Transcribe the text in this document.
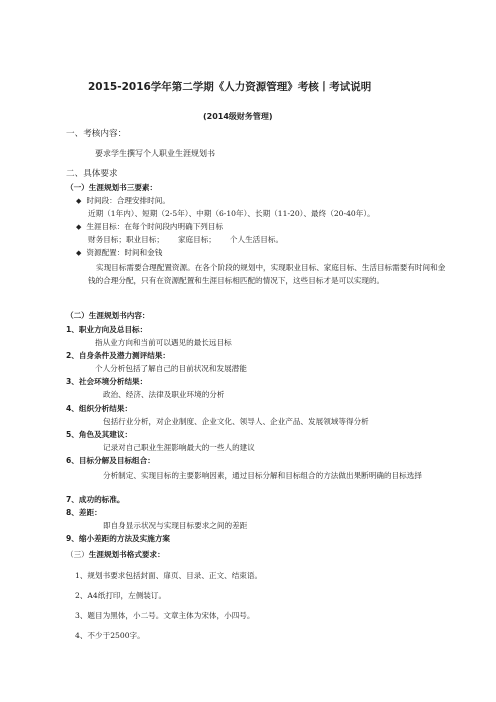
2015-2016学年第二学期《人力资源管理》考核丨考试说明
(2014级财务管理)
一、考核内容：
要求学生撰写个人职业生涯规划书
二、具体要求
（一）生涯规划书三要素：
◆ 时间段：合理安排时间。
近期（1年内）、短期（2-5年）、中期（6-10年）、长期（11-20）、最终（20-40年）。
◆ 生涯目标：在每个时间段内明确下列目标
财务目标；职业目标； 家庭目标； 个人生活目标。
◆ 资源配置：时间和金钱
实现目标需要合理配置资源。在各个阶段的规划中，实现职业目标、家庭目标、生活目标需要有时间和金钱的合理分配，只有在资源配置和生涯目标相匹配的情况下，这些目标才是可以实现的。
（二）生涯规划书内容：
1、职业方向及总目标：
指从业方向和当前可以遇见的最长远目标
2、自身条件及潜力测评结果：
个人分析包括了解自己的目前状况和发展潜能
3、社会环境分析结果：
政治、经济、法律及职业环境的分析
4、组织分析结果：
包括行业分析，对企业制度、企业文化、领导人、企业产品、发展领域等得分析
5、角色及其建议：
记录对自己职业生涯影响最大的一些人的建议
6、目标分解及目标组合：
分析制定、实现目标的主要影响因素，通过目标分解和目标组合的方法做出果断明确的目标选择
7、成功的标准。
8、差距：
即自身显示状况与实现目标要求之间的差距
9、缩小差距的方法及实施方案
（三）生涯规划书格式要求：
1、规划书要求包括封面、扉页、目录、正文、结束语。
2、A4纸打印，左侧装订。
3、题目为黑体，小二号。文章主体为宋体，小四号。
4、不少于2500字。
